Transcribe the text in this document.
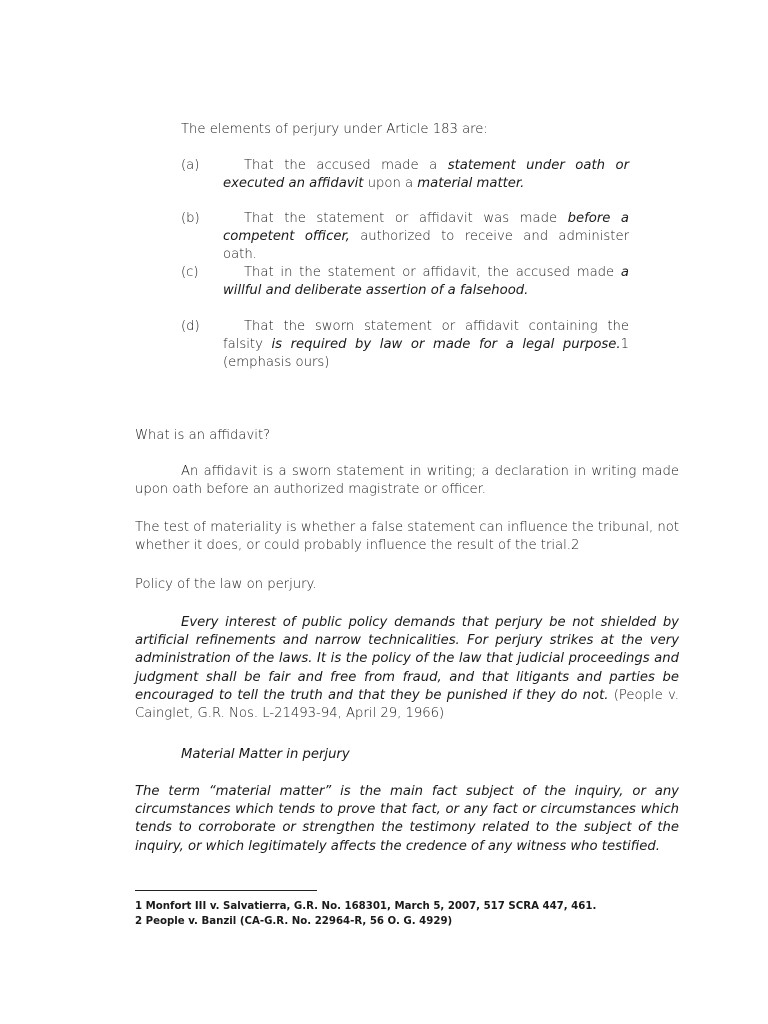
The elements of perjury under Article 183 are:
(a)	That the accused made a statement under oath or executed an affidavit upon a material matter.
(b)	That the statement or affidavit was made before a competent officer, authorized to receive and administer oath.
(c)	That in the statement or affidavit, the accused made a willful and deliberate assertion of a falsehood.
(d)	That the sworn statement or affidavit containing the falsity is required by law or made for a legal purpose.1 (emphasis ours)
What is an affidavit?
An affidavit is a sworn statement in writing; a declaration in writing made upon oath before an authorized magistrate or officer.
The test of materiality is whether a false statement can influence the tribunal, not whether it does, or could probably influence the result of the trial.2
Policy of the law on perjury.
Every interest of public policy demands that perjury be not shielded by artificial refinements and narrow technicalities. For perjury strikes at the very administration of the laws. It is the policy of the law that judicial proceedings and judgment shall be fair and free from fraud, and that litigants and parties be encouraged to tell the truth and that they be punished if they do not. (People v. Cainglet, G.R. Nos. L-21493-94, April 29, 1966)
Material Matter in perjury
The term “material matter” is the main fact subject of the inquiry, or any circumstances which tends to prove that fact, or any fact or circumstances which tends to corroborate or strengthen the testimony related to the subject of the inquiry, or which legitimately affects the credence of any witness who testified.
1 Monfort III v. Salvatierra, G.R. No. 168301, March 5, 2007, 517 SCRA 447, 461.
2 People v. Banzil (CA-G.R. No. 22964-R, 56 O. G. 4929)
